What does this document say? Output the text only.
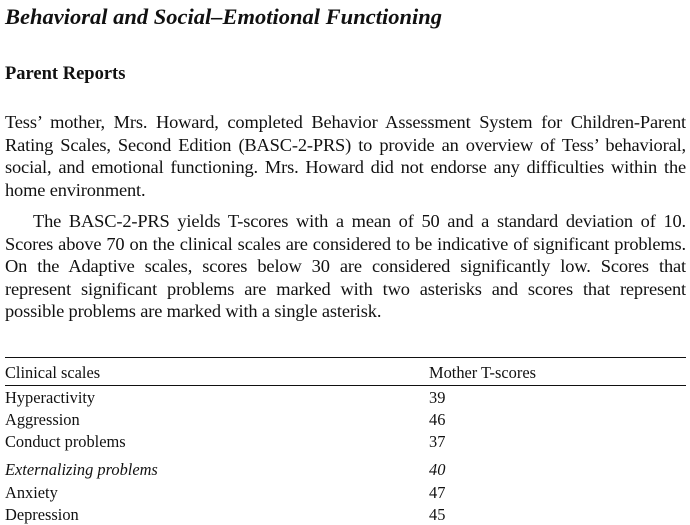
Behavioral and Social–Emotional Functioning
Parent Reports

Tess’ mother, Mrs. Howard, completed Behavior Assessment System for Children-Parent Rating Scales, Second Edition (BASC-2-PRS) to provide an overview of Tess’ behavioral, social, and emotional functioning. Mrs. Howard did not endorse any difficulties within the home environment.

The BASC-2-PRS yields T-scores with a mean of 50 and a standard deviation of 10. Scores above 70 on the clinical scales are considered to be indicative of significant problems. On the Adaptive scales, scores below 30 are considered significantly low. Scores that represent significant problems are marked with two asterisks and scores that represent possible problems are marked with a single asterisk.

Clinical scales	Mother T-scores
Hyperactivity	39
Aggression	46
Conduct problems	37
Externalizing problems	40
Anxiety	47
Depression	45
